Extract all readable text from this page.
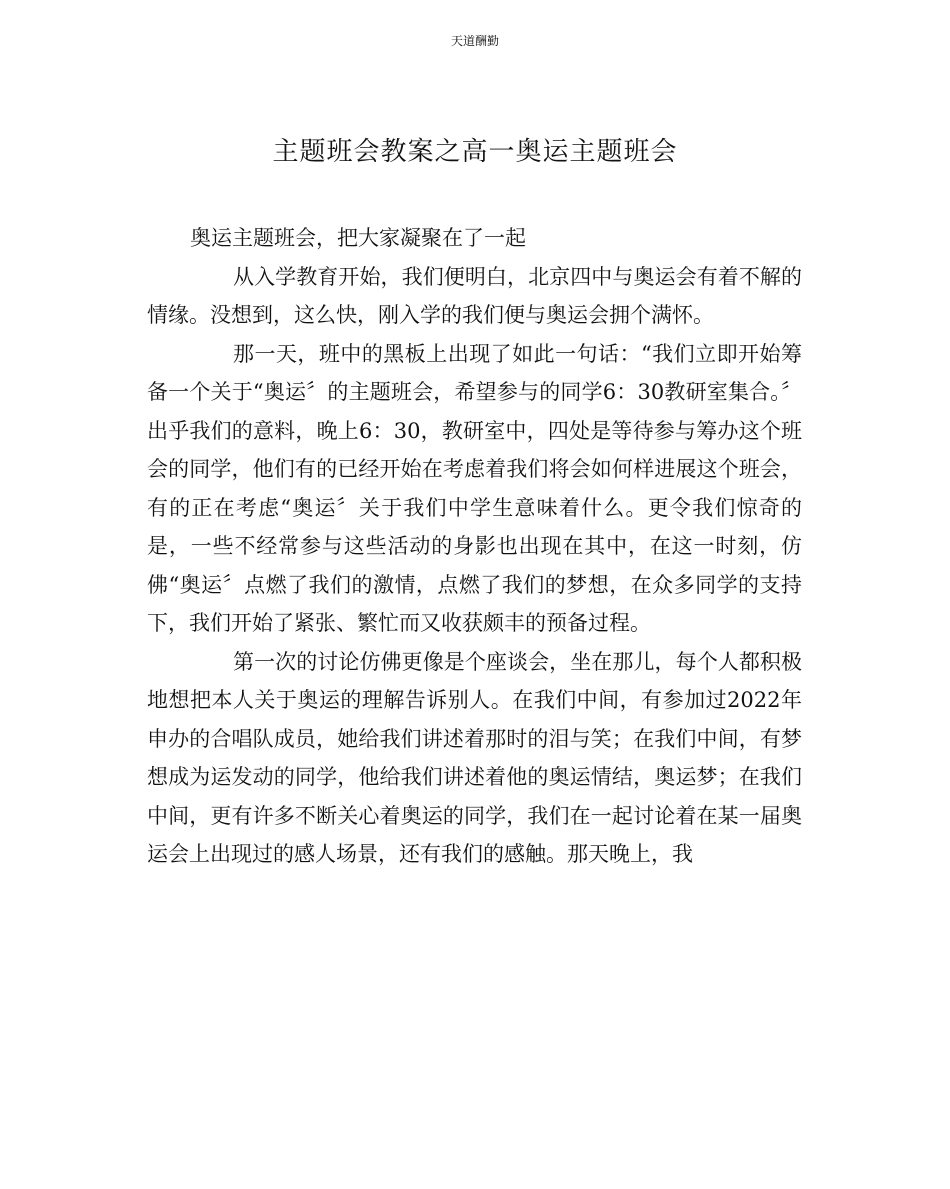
天道酬勤
主题班会教案之高一奥运主题班会
奥运主题班会，把大家凝聚在了一起

从入学教育开始，我们便明白，北京四中与奥运会有着不解的情缘。没想到，这么快，刚入学的我们便与奥运会拥个满怀。

那一天，班中的黑板上出现了如此一句话：“我们立即开始筹备一个关于“奥运〞的主题班会，希望参与的同学6：30教研室集合。〞出乎我们的意料，晚上6：30，教研室中，四处是等待参与筹办这个班会的同学，他们有的已经开始在考虑着我们将会如何样进展这个班会，有的正在考虑“奥运〞关于我们中学生意味着什么。更令我们惊奇的是，一些不经常参与这些活动的身影也出现在其中，在这一时刻，仿佛“奥运〞点燃了我们的激情，点燃了我们的梦想，在众多同学的支持下，我们开始了紧张、繁忙而又收获颇丰的预备过程。

第一次的讨论仿佛更像是个座谈会，坐在那儿，每个人都积极地想把本人关于奥运的理解告诉别人。在我们中间，有参加过2022年申办的合唱队成员，她给我们讲述着那时的泪与笑；在我们中间，有梦想成为运发动的同学，他给我们讲述着他的奥运情结，奥运梦；在我们中间，更有许多不断关心着奥运的同学，我们在一起讨论着在某一届奥运会上出现过的感人场景，还有我们的感触。那天晚上，我
